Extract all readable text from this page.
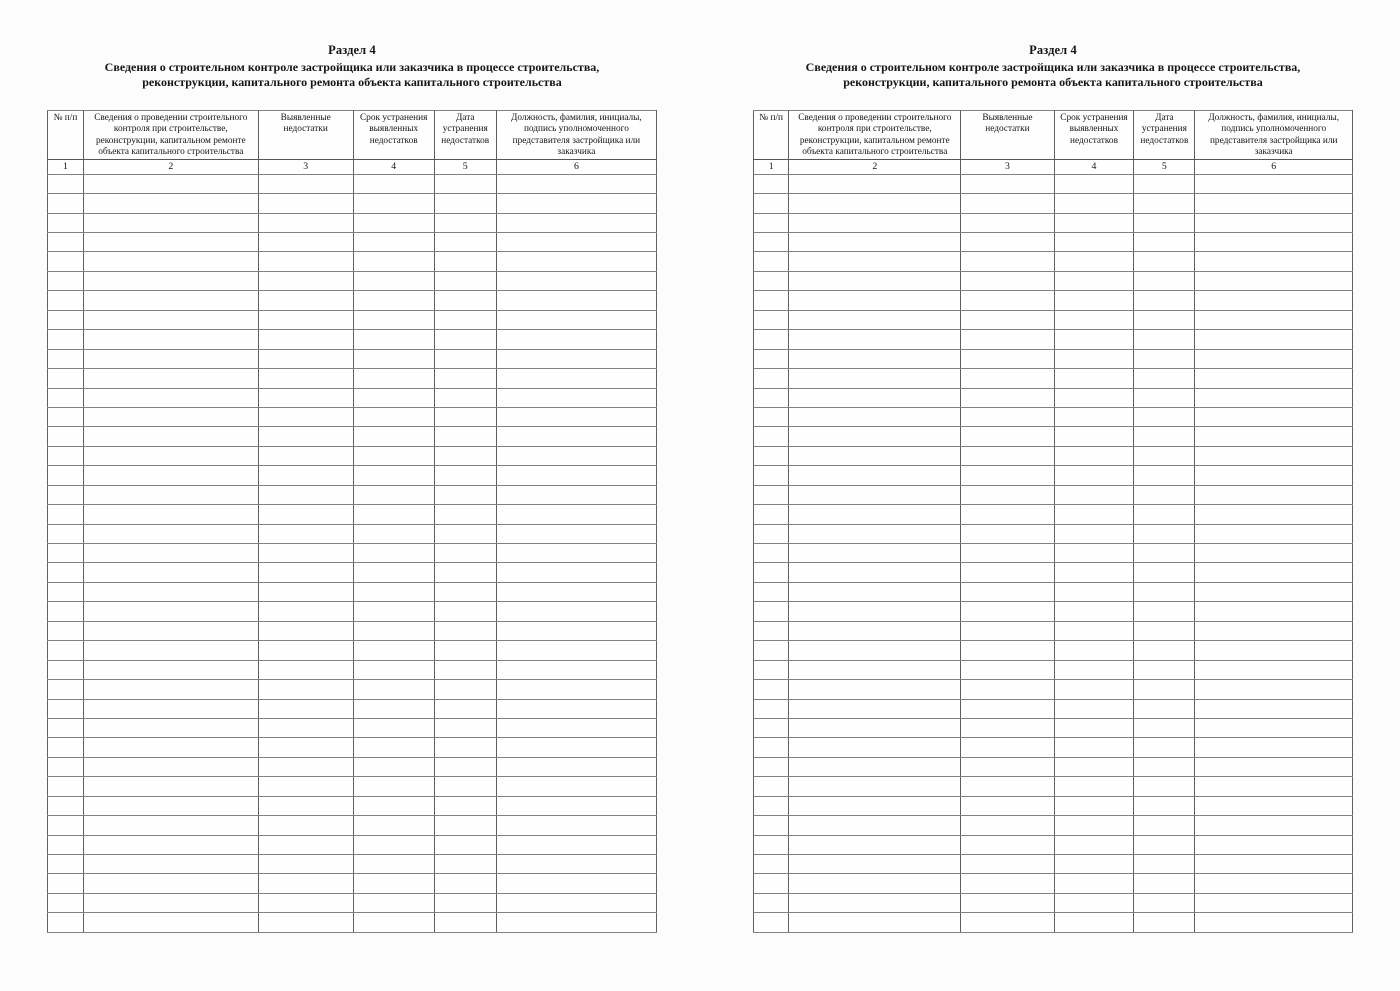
Раздел 4
Сведения о строительном контроле застройщика или заказчика в процессе строительства,
реконструкции, капитального ремонта объекта капитального строительства
№ п/п	Сведения о проведении строительного контроля при строительстве, реконструкции, капитальном ремонте объекта капитального строительства	Выявленные недостатки	Срок устранения выявленных недостатков	Дата устранения недостатков	Должность, фамилия, инициалы, подпись уполномоченного представителя застройщика или заказчика
1	2	3	4	5	6

Раздел 4
Сведения о строительном контроле застройщика или заказчика в процессе строительства,
реконструкции, капитального ремонта объекта капитального строительства
№ п/п	Сведения о проведении строительного контроля при строительстве, реконструкции, капитальном ремонте объекта капитального строительства	Выявленные недостатки	Срок устранения выявленных недостатков	Дата устранения недостатков	Должность, фамилия, инициалы, подпись уполномоченного представителя застройщика или заказчика
1	2	3	4	5	6
